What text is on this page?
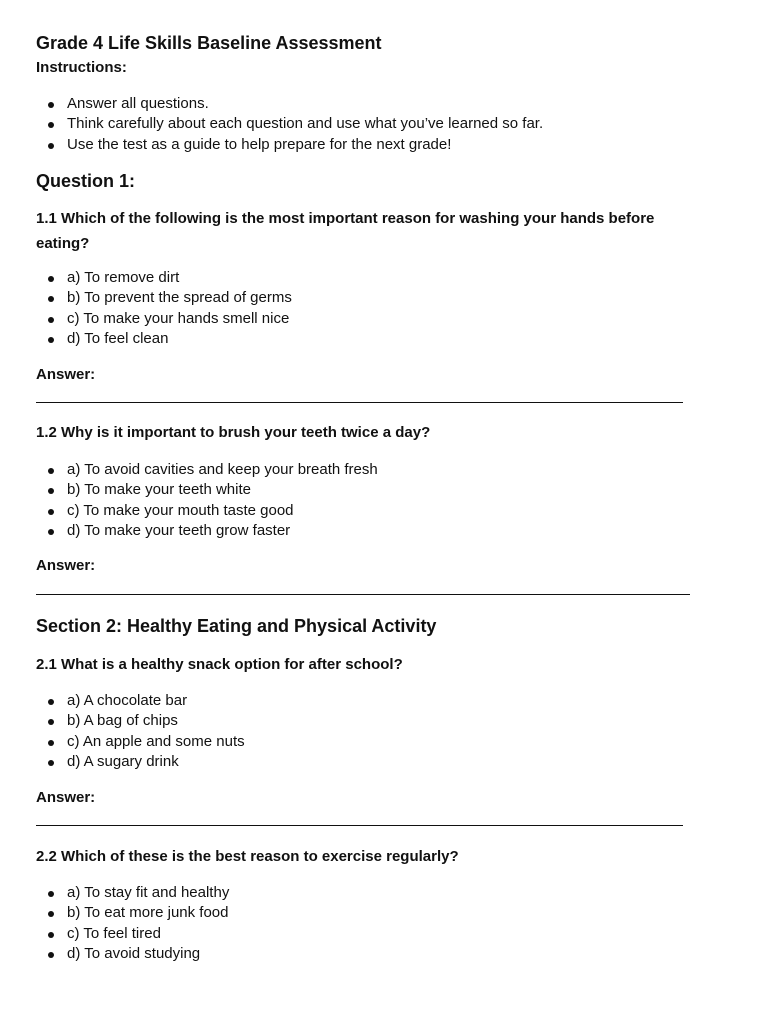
Grade 4 Life Skills Baseline Assessment
Instructions:
Answer all questions.
Think carefully about each question and use what you’ve learned so far.
Use the test as a guide to help prepare for the next grade!
Question 1:
1.1 Which of the following is the most important reason for washing your hands before eating?
a) To remove dirt
b) To prevent the spread of germs
c) To make your hands smell nice
d) To feel clean
Answer:
1.2 Why is it important to brush your teeth twice a day?
a) To avoid cavities and keep your breath fresh
b) To make your teeth white
c) To make your mouth taste good
d) To make your teeth grow faster
Answer:
Section 2: Healthy Eating and Physical Activity
2.1 What is a healthy snack option for after school?
a) A chocolate bar
b) A bag of chips
c) An apple and some nuts
d) A sugary drink
Answer:
2.2 Which of these is the best reason to exercise regularly?
a) To stay fit and healthy
b) To eat more junk food
c) To feel tired
d) To avoid studying
